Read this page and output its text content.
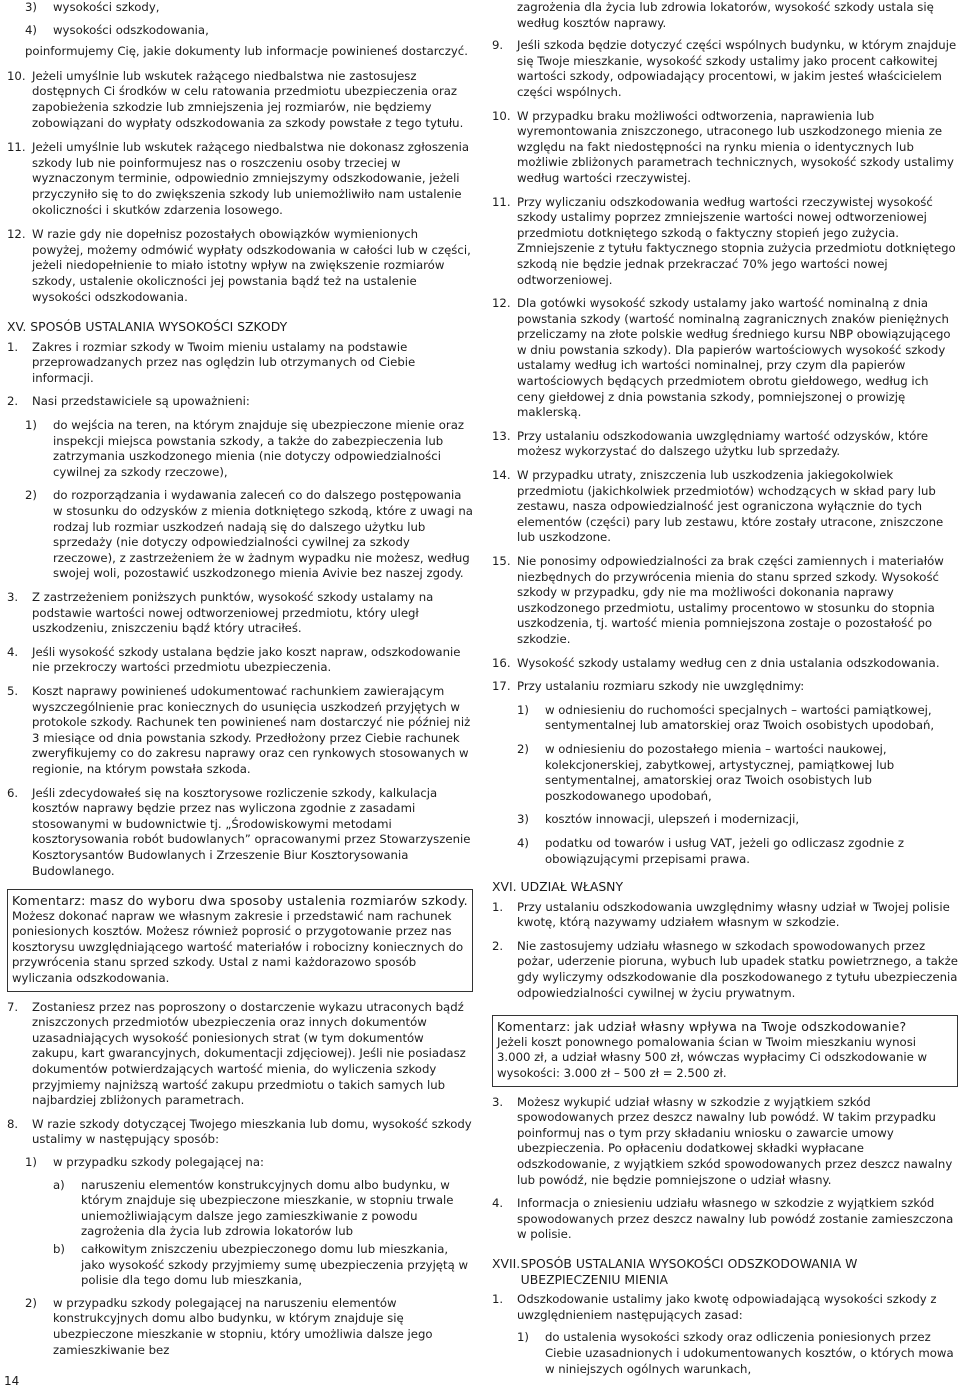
3)	wysokości szkody,
4)	wysokości odszkodowania,
poinformujemy Cię, jakie dokumenty lub informacje powinieneś dostarczyć.
10. Jeżeli umyślnie lub wskutek rażącego niedbalstwa nie zastosujesz dostępnych Ci środków w celu ratowania przedmiotu ubezpieczenia oraz zapobieżenia szkodzie lub zmniejszenia jej rozmiarów, nie będziemy zobowiązani do wypłaty odszkodowania za szkody powstałe z tego tytułu.
11. Jeżeli umyślnie lub wskutek rażącego niedbalstwa nie dokonasz zgłoszenia szkody lub nie poinformujesz nas o roszczeniu osoby trzeciej w wyznaczonym terminie, odpowiednio zmniejszymy odszkodowanie, jeżeli przyczyniło się to do zwiększenia szkody lub uniemożliwiło nam ustalenie okoliczności i skutków zdarzenia losowego.
12. W razie gdy nie dopełnisz pozostałych obowiązków wymienionych powyżej, możemy odmówić wypłaty odszkodowania w całości lub w części, jeżeli niedopełnienie to miało istotny wpływ na zwiększenie rozmiarów szkody, ustalenie okoliczności jej powstania bądź też na ustalenie wysokości odszkodowania.
XV. SPOSÓB USTALANIA WYSOKOŚCI SZKODY
1.	Zakres i rozmiar szkody w Twoim mieniu ustalamy na podstawie przeprowadzanych przez nas oględzin lub otrzymanych od Ciebie informacji.
2.	Nasi przedstawiciele są upoważnieni:
1)	do wejścia na teren, na którym znajduje się ubezpieczone mienie oraz inspekcji miejsca powstania szkody, a także do zabezpieczenia lub zatrzymania uszkodzonego mienia (nie dotyczy odpowiedzialności cywilnej za szkody rzeczowe),
2)	do rozporządzania i wydawania zaleceń co do dalszego postępowania w stosunku do odzysków z mienia dotkniętego szkodą, które z uwagi na rodzaj lub rozmiar uszkodzeń nadają się do dalszego użytku lub sprzedaży (nie dotyczy odpowiedzialności cywilnej za szkody rzeczowe), z zastrzeżeniem że w żadnym wypadku nie możesz, według swojej woli, pozostawić uszkodzonego mienia Avivie bez naszej zgody.
3.	Z zastrzeżeniem poniższych punktów, wysokość szkody ustalamy na podstawie wartości nowej odtworzeniowej przedmiotu, który uległ uszkodzeniu, zniszczeniu bądź który utraciłeś.
4.	Jeśli wysokość szkody ustalana będzie jako koszt napraw, odszkodowanie nie przekroczy wartości przedmiotu ubezpieczenia.
5.	Koszt naprawy powinieneś udokumentować rachunkiem zawierającym wyszczególnienie prac koniecznych do usunięcia uszkodzeń przyjętych w protokole szkody. Rachunek ten powinieneś nam dostarczyć nie później niż 3 miesiące od dnia powstania szkody. Przedłożony przez Ciebie rachunek zweryfikujemy co do zakresu naprawy oraz cen rynkowych stosowanych w regionie, na którym powstała szkoda.
6.	Jeśli zdecydowałeś się na kosztorysowe rozliczenie szkody, kalkulacja kosztów naprawy będzie przez nas wyliczona zgodnie z zasadami stosowanymi w budownictwie tj. „Środowiskowymi metodami kosztorysowania robót budowlanych” opracowanymi przez Stowarzyszenie Kosztorysantów Budowlanych i Zrzeszenie Biur Kosztorysowania Budowlanego.
Komentarz: masz do wyboru dwa sposoby ustalenia rozmiarów szkody.
Możesz dokonać napraw we własnym zakresie i przedstawić nam rachunek poniesionych kosztów. Możesz również poprosić o przygotowanie przez nas kosztorysu uwzględniającego wartość materiałów i robocizny koniecznych do przywrócenia stanu sprzed szkody. Ustal z nami każdorazowo sposób wyliczania odszkodowania.
7.	Zostaniesz przez nas poproszony o dostarczenie wykazu utraconych bądź zniszczonych przedmiotów ubezpieczenia oraz innych dokumentów uzasadniających wysokość poniesionych strat (w tym dokumentów zakupu, kart gwarancyjnych, dokumentacji zdjęciowej). Jeśli nie posiadasz dokumentów potwierdzających wartość mienia, do wyliczenia szkody przyjmiemy najniższą wartość zakupu przedmiotu o takich samych lub najbardziej zbliżonych parametrach.
8.	W razie szkody dotyczącej Twojego mieszkania lub domu, wysokość szkody ustalimy w następujący sposób:
1)	w przypadku szkody polegającej na:
a)	naruszeniu elementów konstrukcyjnych domu albo budynku, w którym znajduje się ubezpieczone mieszkanie, w stopniu trwale uniemożliwiającym dalsze jego zamieszkiwanie z powodu zagrożenia dla życia lub zdrowia lokatorów lub
b)	całkowitym zniszczeniu ubezpieczonego domu lub mieszkania, jako wysokość szkody przyjmiemy sumę ubezpieczenia przyjętą w polisie dla tego domu lub mieszkania,
2)	w przypadku szkody polegającej na naruszeniu elementów konstrukcyjnych domu albo budynku, w którym znajduje się ubezpieczone mieszkanie w stopniu, który umożliwia dalsze jego zamieszkiwanie bez
zagrożenia dla życia lub zdrowia lokatorów, wysokość szkody ustala się według kosztów naprawy.
9.	Jeśli szkoda będzie dotyczyć części wspólnych budynku, w którym znajduje się Twoje mieszkanie, wysokość szkody ustalimy jako procent całkowitej wartości szkody, odpowiadający procentowi, w jakim jesteś właścicielem części wspólnych.
10. W przypadku braku możliwości odtworzenia, naprawienia lub wyremontowania zniszczonego, utraconego lub uszkodzonego mienia ze względu na fakt niedostępności na rynku mienia o identycznych lub możliwie zbliżonych parametrach technicznych, wysokość szkody ustalimy według wartości rzeczywistej.
11. Przy wyliczaniu odszkodowania według wartości rzeczywistej wysokość szkody ustalimy poprzez zmniejszenie wartości nowej odtworzeniowej przedmiotu dotkniętego szkodą o faktyczny stopień jego zużycia. Zmniejszenie z tytułu faktycznego stopnia zużycia przedmiotu dotkniętego szkodą nie będzie jednak przekraczać 70% jego wartości nowej odtworzeniowej.
12. Dla gotówki wysokość szkody ustalamy jako wartość nominalną z dnia powstania szkody (wartość nominalną zagranicznych znaków pieniężnych przeliczamy na złote polskie według średniego kursu NBP obowiązującego w dniu powstania szkody). Dla papierów wartościowych wysokość szkody ustalamy według ich wartości nominalnej, przy czym dla papierów wartościowych będących przedmiotem obrotu giełdowego, według ich ceny giełdowej z dnia powstania szkody, pomniejszonej o prowizję maklerską.
13. Przy ustalaniu odszkodowania uwzględniamy wartość odzysków, które możesz wykorzystać do dalszego użytku lub sprzedaży.
14. W przypadku utraty, zniszczenia lub uszkodzenia jakiegokolwiek przedmiotu (jakichkolwiek przedmiotów) wchodzących w skład pary lub zestawu, nasza odpowiedzialność jest ograniczona wyłącznie do tych elementów (części) pary lub zestawu, które zostały utracone, zniszczone lub uszkodzone.
15. Nie ponosimy odpowiedzialności za brak części zamiennych i materiałów niezbędnych do przywrócenia mienia do stanu sprzed szkody. Wysokość szkody w przypadku, gdy nie ma możliwości dokonania naprawy uszkodzonego przedmiotu, ustalimy procentowo w stosunku do stopnia uszkodzenia, tj. wartość mienia pomniejszona zostaje o pozostałość po szkodzie.
16. Wysokość szkody ustalamy według cen z dnia ustalania odszkodowania.
17. Przy ustalaniu rozmiaru szkody nie uwzględnimy:
1)	w odniesieniu do ruchomości specjalnych – wartości pamiątkowej, sentymentalnej lub amatorskiej oraz Twoich osobistych upodobań,
2)	w odniesieniu do pozostałego mienia – wartości naukowej, kolekcjonerskiej, zabytkowej, artystycznej, pamiątkowej lub sentymentalnej, amatorskiej oraz Twoich osobistych lub poszkodowanego upodobań,
3)	kosztów innowacji, ulepszeń i modernizacji,
4)	podatku od towarów i usług VAT, jeżeli go odliczasz zgodnie z obowiązującymi przepisami prawa.
XVI. UDZIAŁ WŁASNY
1.	Przy ustalaniu odszkodowania uwzględnimy własny udział w Twojej polisie kwotę, którą nazywamy udziałem własnym w szkodzie.
2.	Nie zastosujemy udziału własnego w szkodach spowodowanych przez pożar, uderzenie pioruna, wybuch lub upadek statku powietrznego, a także gdy wyliczymy odszkodowanie dla poszkodowanego z tytułu ubezpieczenia odpowiedzialności cywilnej w życiu prywatnym.
Komentarz: jak udział własny wpływa na Twoje odszkodowanie?
Jeżeli koszt ponownego pomalowania ścian w Twoim mieszkaniu wynosi 3.000 zł, a udział własny 500 zł, wówczas wypłacimy Ci odszkodowanie w wysokości: 3.000 zł – 500 zł = 2.500 zł.
3.	Możesz wykupić udział własny w szkodzie z wyjątkiem szkód spowodowanych przez deszcz nawalny lub powódź. W takim przypadku poinformuj nas o tym przy składaniu wniosku o zawarcie umowy ubezpieczenia. Po opłaceniu dodatkowej składki wypłacane odszkodowanie, z wyjątkiem szkód spowodowanych przez deszcz nawalny lub powódź, nie będzie pomniejszone o udział własny.
4.	Informacja o zniesieniu udziału własnego w szkodzie z wyjątkiem szkód spowodowanych przez deszcz nawalny lub powódź zostanie zamieszczona w polisie.
XVII. SPOSÓB USTALANIA WYSOKOŚCI ODSZKODOWANIA W UBEZPIECZENIU MIENIA
1.	Odszkodowanie ustalimy jako kwotę odpowiadającą wysokości szkody z uwzględnieniem następujących zasad:
1)	do ustalenia wysokości szkody oraz odliczenia poniesionych przez Ciebie uzasadnionych i udokumentowanych kosztów, o których mowa w niniejszych ogólnych warunkach,
14
